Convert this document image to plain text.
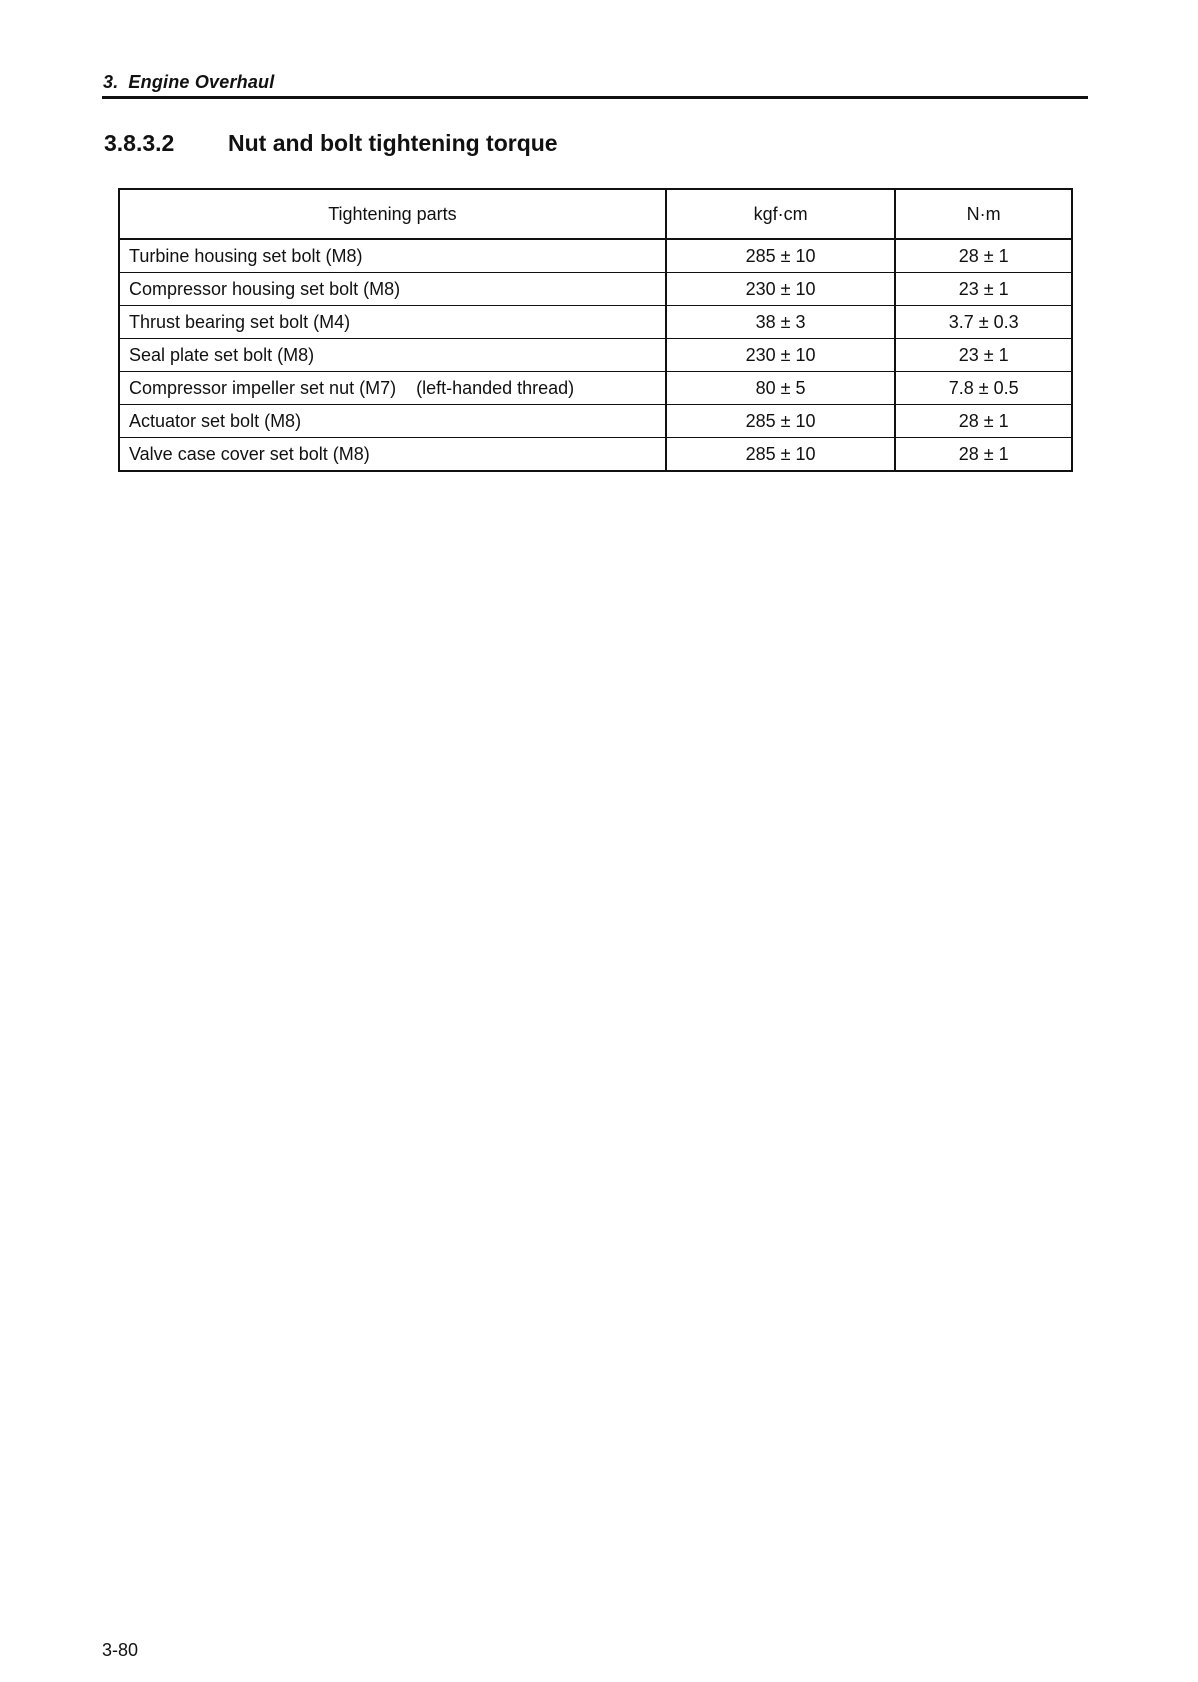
3. Engine Overhaul
3.8.3.2 Nut and bolt tightening torque
Tightening parts	kgf·cm	N·m
Turbine housing set bolt (M8)	285 ± 10	28 ± 1
Compressor housing set bolt (M8)	230 ± 10	23 ± 1
Thrust bearing set bolt (M4)	38 ± 3	3.7 ± 0.3
Seal plate set bolt (M8)	230 ± 10	23 ± 1
Compressor impeller set nut (M7) (left-handed thread)	80 ± 5	7.8 ± 0.5
Actuator set bolt (M8)	285 ± 10	28 ± 1
Valve case cover set bolt (M8)	285 ± 10	28 ± 1
3-80
